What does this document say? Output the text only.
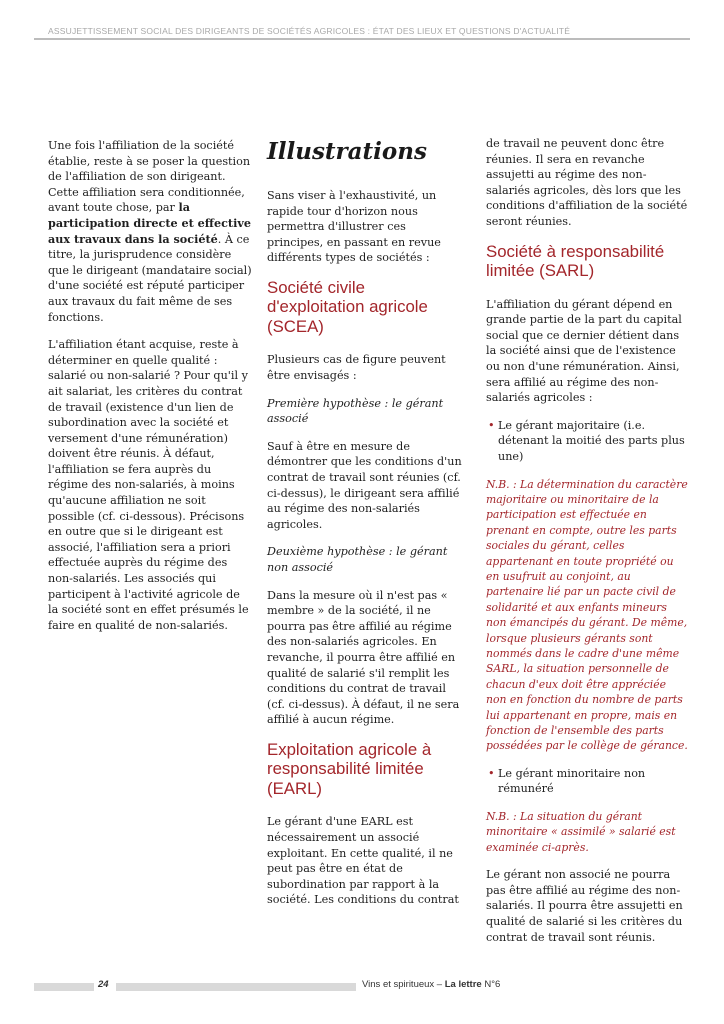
ASSUJETTISSEMENT SOCIAL DES DIRIGEANTS DE SOCIÉTÉS AGRICOLES : ÉTAT DES LIEUX ET QUESTIONS D'ACTUALITÉ

Une fois l'affiliation de la société établie, reste à se poser la question de l'affiliation de son dirigeant. Cette affiliation sera conditionnée, avant toute chose, par la participation directe et effective aux travaux dans la société. À ce titre, la jurisprudence considère que le dirigeant (mandataire social) d'une société est réputé participer aux travaux du fait même de ses fonctions.

L'affiliation étant acquise, reste à déterminer en quelle qualité : salarié ou non-salarié ? Pour qu'il y ait salariat, les critères du contrat de travail (existence d'un lien de subordination avec la société et versement d'une rémunération) doivent être réunis. À défaut, l'affiliation se fera auprès du régime des non-salariés, à moins qu'aucune affiliation ne soit possible (cf. ci-dessous). Précisons en outre que si le dirigeant est associé, l'affiliation sera a priori effectuée auprès du régime des non-salariés. Les associés qui participent à l'activité agricole de la société sont en effet présumés le faire en qualité de non-salariés.

Illustrations

Sans viser à l'exhaustivité, un rapide tour d'horizon nous permettra d'illustrer ces principes, en passant en revue différents types de sociétés :

Société civile d'exploitation agricole (SCEA)

Plusieurs cas de figure peuvent être envisagés :

Première hypothèse : le gérant associé

Sauf à être en mesure de démontrer que les conditions d'un contrat de travail sont réunies (cf. ci-dessus), le dirigeant sera affilié au régime des non-salariés agricoles.

Deuxième hypothèse : le gérant non associé

Dans la mesure où il n'est pas « membre » de la société, il ne pourra pas être affilié au régime des non-salariés agricoles. En revanche, il pourra être affilié en qualité de salarié s'il remplit les conditions du contrat de travail (cf. ci-dessus). À défaut, il ne sera affilié à aucun régime.

Exploitation agricole à responsabilité limitée (EARL)

Le gérant d'une EARL est nécessairement un associé exploitant. En cette qualité, il ne peut pas être en état de subordination par rapport à la société. Les conditions du contrat

de travail ne peuvent donc être réunies. Il sera en revanche assujetti au régime des non-salariés agricoles, dès lors que les conditions d'affiliation de la société seront réunies.

Société à responsabilité limitée (SARL)

L'affiliation du gérant dépend en grande partie de la part du capital social que ce dernier détient dans la société ainsi que de l'existence ou non d'une rémunération. Ainsi, sera affilié au régime des non-salariés agricoles :

• Le gérant majoritaire (i.e. détenant la moitié des parts plus une)

N.B. : La détermination du caractère majoritaire ou minoritaire de la participation est effectuée en prenant en compte, outre les parts sociales du gérant, celles appartenant en toute propriété ou en usufruit au conjoint, au partenaire lié par un pacte civil de solidarité et aux enfants mineurs non émancipés du gérant. De même, lorsque plusieurs gérants sont nommés dans le cadre d'une même SARL, la situation personnelle de chacun d'eux doit être appréciée non en fonction du nombre de parts lui appartenant en propre, mais en fonction de l'ensemble des parts possédées par le collège de gérance.

• Le gérant minoritaire non rémunéré

N.B. : La situation du gérant minoritaire « assimilé » salarié est examinée ci-après.

Le gérant non associé ne pourra pas être affilié au régime des non-salariés. Il pourra être assujetti en qualité de salarié si les critères du contrat de travail sont réunis.

24	Vins et spiritueux – La lettre N°6
